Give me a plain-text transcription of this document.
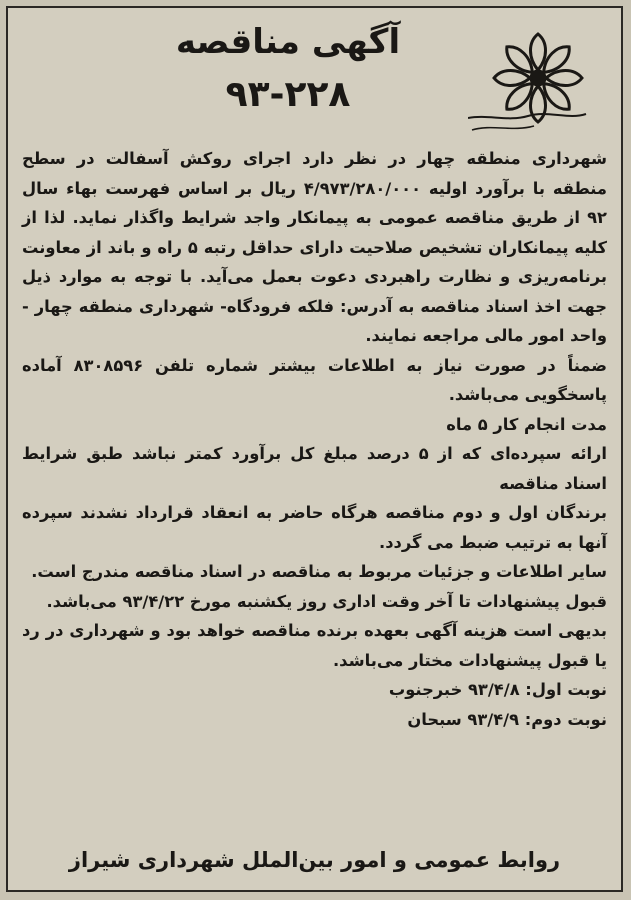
آگهی مناقصه
۹۳-۲۲۸

شهرداری منطقه چهار در نظر دارد اجرای روکش آسفالت در سطح منطقه با برآورد اولیه ۴/۹۷۳/۲۸۰/۰۰۰ ریال بر اساس فهرست بهاء سال ۹۲ از طریق مناقصه عمومی به پیمانکار واجد شرایط واگذار نماید. لذا از کلیه پیمانکاران تشخیص صلاحیت دارای حداقل رتبه ۵ راه و باند از معاونت برنامه‌ریزی و نظارت راهبردی دعوت بعمل می‌آید. با توجه به موارد ذیل جهت اخذ اسناد مناقصه به آدرس: فلکه فرودگاه- شهرداری منطقه چهار - واحد امور مالی مراجعه نمایند.

ضمناً در صورت نیاز به اطلاعات بیشتر شماره تلفن ۸۳۰۸۵۹۶ آماده پاسخگویی می‌باشد.

مدت انجام کار ۵ ماه

ارائه سپرده‌ای که از ۵ درصد مبلغ کل برآورد کمتر نباشد طبق شرایط اسناد مناقصه

برندگان اول و دوم مناقصه هرگاه حاضر به انعقاد قرارداد نشدند سپرده آنها به ترتیب ضبط می گردد.

سایر اطلاعات و جزئیات مربوط به مناقصه در اسناد مناقصه مندرج است.

قبول پیشنهادات تا آخر وقت اداری روز یکشنبه مورخ ۹۳/۴/۲۲ می‌باشد.

بدیهی است هزینه آگهی بعهده برنده مناقصه خواهد بود و شهرداری در رد یا قبول پیشنهادات مختار می‌باشد.

نوبت اول: ۹۳/۴/۸ خبرجنوب

نوبت دوم: ۹۳/۴/۹ سبحان

روابط عمومی و امور بین‌الملل شهرداری شیراز
